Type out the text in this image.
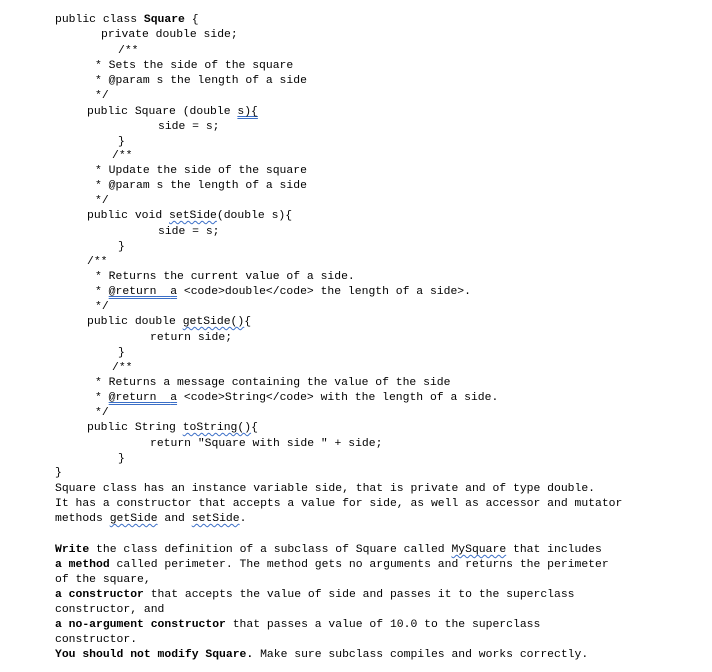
public class Square {
private double side;
/**
* Sets the side of the square
* @param s the length of a side
*/
public Square (double s){
side = s;
}
/**
* Update the side of the square
* @param s the length of a side
*/
public void setSide(double s){
side = s;
}
/**
* Returns the current value of a side.
* @return a <code>double</code> the length of a side>.
*/
public double getSide(){
return side;
}
/**
* Returns a message containing the value of the side
* @return a <code>String</code> with the length of a side.
*/
public String toString(){
return "Square with side " + side;
}
}
Square class has an instance variable side, that is private and of type double.
It has a constructor that accepts a value for side, as well as accessor and mutator
methods getSide and setSide.
Write the class definition of a subclass of Square called MySquare that includes
a method called perimeter. The method gets no arguments and returns the perimeter
of the square,
a constructor that accepts the value of side and passes it to the superclass
constructor, and
a no-argument constructor that passes a value of 10.0 to the superclass
constructor.
You should not modify Square. Make sure subclass compiles and works correctly.
